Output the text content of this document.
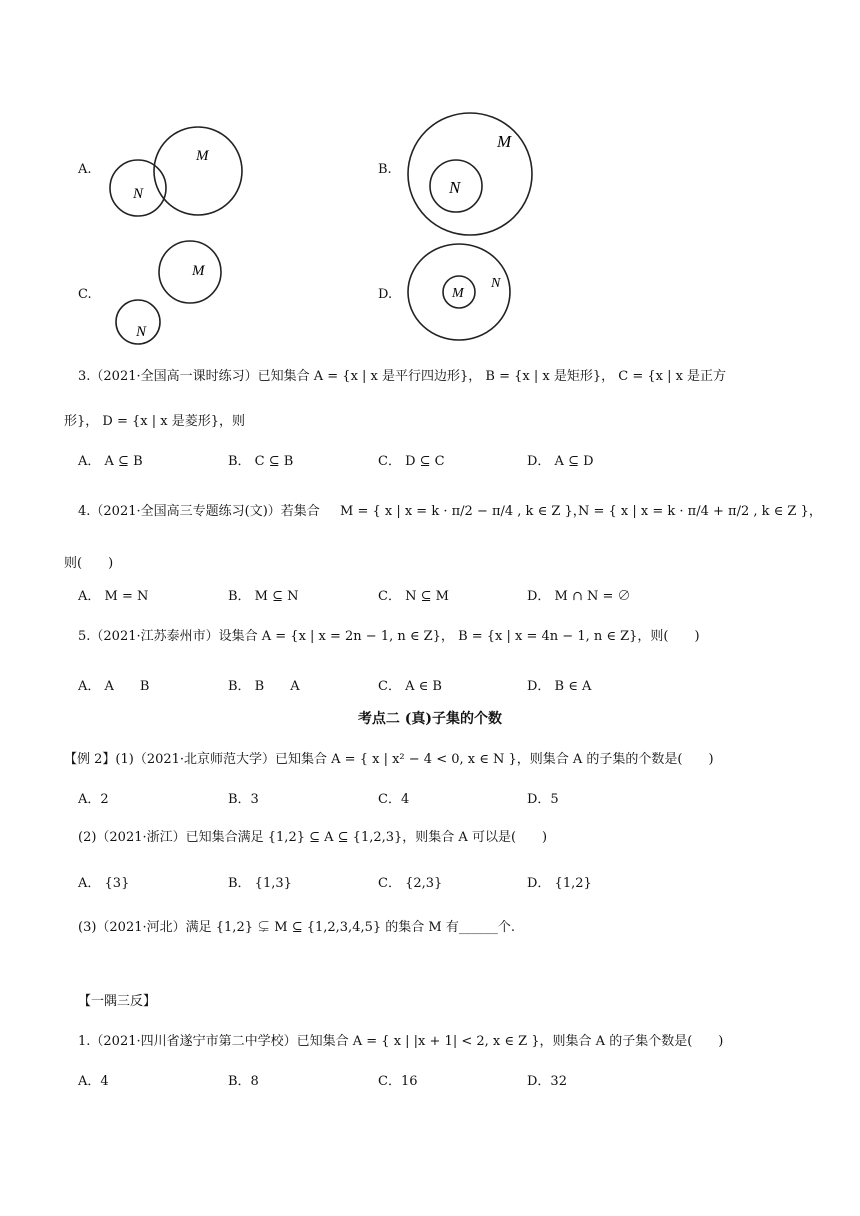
A.
M
N
B.
M
N
C.
M
N
D.
N
M
3.（2021·全国高一课时练习）已知集合 A = {x | x 是平行四边形}， B = {x | x 是矩形}， C = {x | x 是正方
形}， D = {x | x 是菱形}，则
A． A ⊆ B	B． C ⊆ B	C． D ⊆ C	D． A ⊆ D
4.（2021·全国高三专题练习(文)）若集合 M = { x | x = k · π/2 − π/4 , k ∈ Z }，
N = { x | x = k · π/4 + π/2 , k ∈ Z }，
则(　　)
A． M = N	B． M ⊆ N	C． N ⊆ M	D． M ∩ N = ∅
5.（2021·江苏泰州市）设集合 A = {x | x = 2n − 1, n ∈ Z}， B = {x | x = 4n − 1, n ∈ Z}，则(　　)
A． A　　B	B． B　　A	C． A ∈ B	D． B ∈ A
考点二 (真)子集的个数
【例 2】(1)（2021·北京师范大学）已知集合 A = { x | x² − 4 < 0, x ∈ N }，则集合 A 的子集的个数是(　　)
A．2	B．3	C．4	D．5
(2)（2021·浙江）已知集合满足 {1,2} ⊆ A ⊆ {1,2,3}，则集合 A 可以是(　　)
A． {3}	B． {1,3}	C． {2,3}	D． {1,2}
(3)（2021·河北）满足 {1,2} ⊊ M ⊆ {1,2,3,4,5} 的集合 M 有______个.
【一隅三反】
1.（2021·四川省遂宁市第二中学校）已知集合 A = { x | |x + 1| < 2, x ∈ Z }，则集合 A 的子集个数是(　　)
A．4	B．8	C．16	D．32
